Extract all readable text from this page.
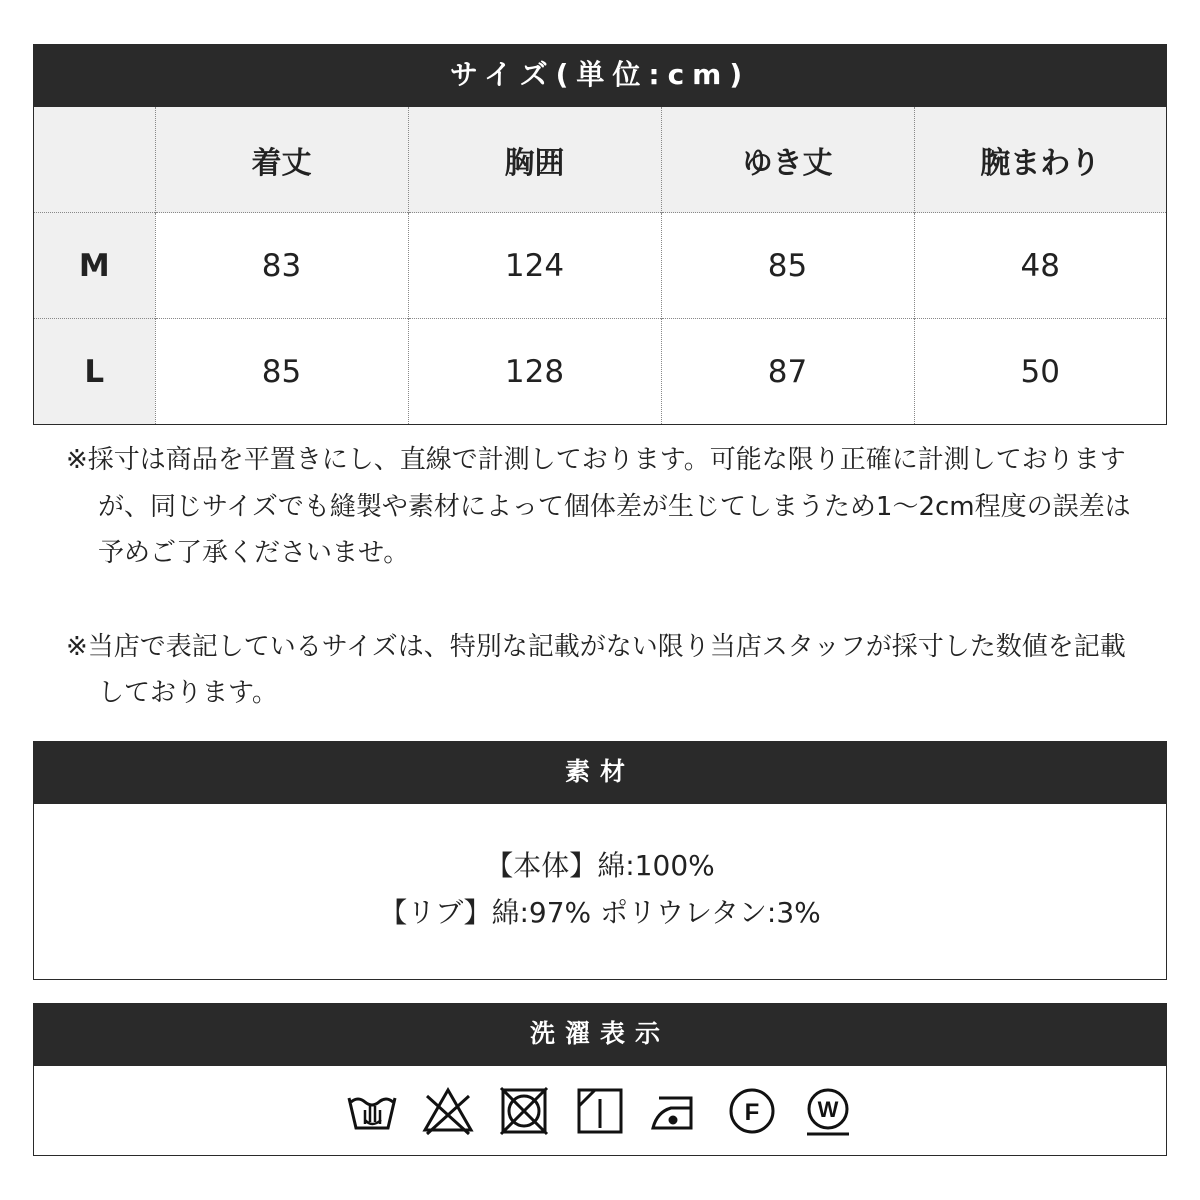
サイズ(単位:cm)
	着丈	胸囲	ゆき丈	腕まわり
M	83	124	85	48
L	85	128	87	50
※採寸は商品を平置きにし、直線で計測しております。可能な限り正確に計測しておりますが、同じサイズでも縫製や素材によって個体差が生じてしまうため1〜2cm程度の誤差は予めご了承くださいませ。
※当店で表記しているサイズは、特別な記載がない限り当店スタッフが採寸した数値を記載しております。
素材
【本体】綿:100%
【リブ】綿:97% ポリウレタン:3%
洗濯表示
F	W
